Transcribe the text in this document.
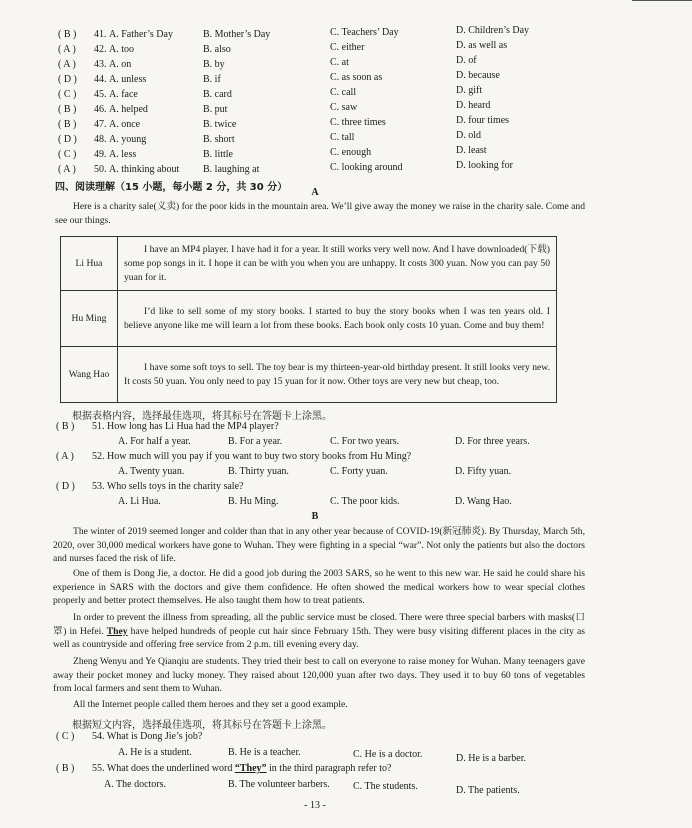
( B ) 41. A. Father’s Day	B. Mother’s Day	C. Teachers’ Day	D. Children’s Day
( A ) 42. A. too	B. also	C. either	D. as well as
( A ) 43. A. on	B. by	C. at	D. of
( D ) 44. A. unless	B. if	C. as soon as	D. because
( C ) 45. A. face	B. card	C. call	D. gift
( B ) 46. A. helped	B. put	C. saw	D. heard
( B ) 47. A. once	B. twice	C. three times	D. four times
( D ) 48. A. young	B. short	C. tall	D. old
( C ) 49. A. less	B. little	C. enough	D. least
( A ) 50. A. thinking about B. laughing at	C. looking around	D. looking for
四、阅读理解（15 小题，每小题 2 分，共 30 分）	A
Here is a charity sale(义卖) for the poor kids in the mountain area. We’ll give away the money we raise in the charity sale. Come and see our things.
Li Hua	I have an MP4 player. I have had it for a year. It still works very well now. And I have downloaded(下载) some pop songs in it. I hope it can be with you when you are unhappy. It costs 300 yuan. Now you can pay 50 yuan for it.
Hu Ming	I’d like to sell some of my story books. I started to buy the story books when I was ten years old. I believe anyone like me will learn a lot from these books. Each book only costs 10 yuan. Come and buy them!
Wang Hao	I have some soft toys to sell. The toy bear is my thirteen-year-old birthday present. It still looks very new. It costs 50 yuan. You only need to pay 15 yuan for it now. Other toys are very new but cheap, too.
根据表格内容，选择最佳选项，将其标号在答题卡上涂黑。
( B ) 51. How long has Li Hua had the MP4 player?
A. For half a year.	B. For a year.	C. For two years.	D. For three years.
( A ) 52. How much will you pay if you want to buy two story books from Hu Ming?
A. Twenty yuan.	B. Thirty yuan.	C. Forty yuan.	D. Fifty yuan.
( D ) 53. Who sells toys in the charity sale?
A. Li Hua.	B. Hu Ming.	C. The poor kids.	D. Wang Hao.
B
The winter of 2019 seemed longer and colder than that in any other year because of COVID-19(新冠肺炎). By Thursday, March 5th, 2020, over 30,000 medical workers have gone to Wuhan. They were fighting in a special “war”. Not only the patients but also the doctors and nurses faced the risk of life.
One of them is Dong Jie, a doctor. He did a good job during the 2003 SARS, so he went to this new war. He said he could share his experience in SARS with the doctors and give them confidence. He often showed the medical workers how to wear special clothes properly and better protect themselves. He also taught them how to treat patients.
In order to prevent the illness from spreading, all the public service must be closed. There were three special barbers with masks(口罩) in Hefei. They have helped hundreds of people cut hair since February 15th. They were busy visiting different places in the city as well as countryside and offering free service from 2 p.m. till evening every day.
Zheng Wenyu and Ye Qianqiu are students. They tried their best to call on everyone to raise money for Wuhan. Many teenagers gave away their pocket money and lucky money. They raised about 120,000 yuan after two days. They used it to buy 60 tons of vegetables from local farmers and sent them to Wuhan.
All the Internet people called them heroes and they set a good example.
根据短文内容，选择最佳选项，将其标号在答题卡上涂黑。
( C ) 54. What is Dong Jie’s job?
A. He is a student.	B. He is a teacher.	C. He is a doctor.	D. He is a barber.
( B ) 55. What does the underlined word “They” in the third paragraph refer to?
A. The doctors.	B. The volunteer barbers. C. The students.	D. The patients.
- 13 -
